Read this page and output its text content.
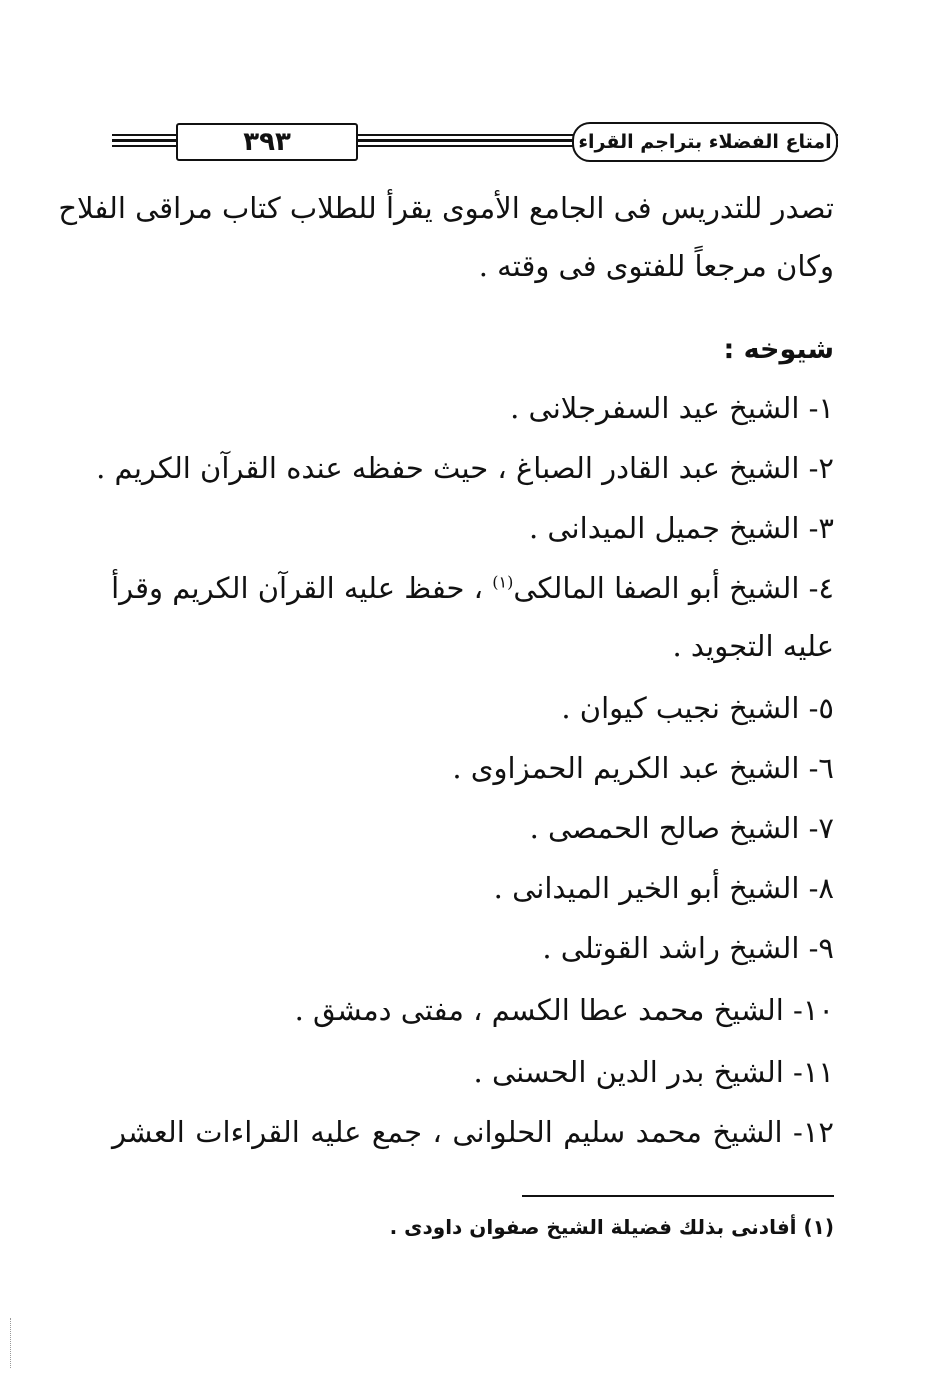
٣٩٣	امتاع الفضلاء بتراجم القراء
تصدر للتدريس فى الجامع الأموى يقرأ للطلاب كتاب مراقى الفلاح
وكان مرجعاً للفتوى فى وقته .
شيوخه :
١- الشيخ عيد السفرجلانى .
٢- الشيخ عبد القادر الصباغ ، حيث حفظه عنده القرآن الكريم .
٣- الشيخ جميل الميدانى .
٤- الشيخ أبو الصفا المالكى$^{(١)}$ ، حفظ عليه القرآن الكريم وقرأ
عليه التجويد .
٥- الشيخ نجيب كيوان .
٦- الشيخ عبد الكريم الحمزاوى .
٧- الشيخ صالح الحمصى .
٨- الشيخ أبو الخير الميدانى .
٩- الشيخ راشد القوتلى .
١٠- الشيخ محمد عطا الكسم ، مفتى دمشق .
١١- الشيخ بدر الدين الحسنى .
١٢- الشيخ محمد سليم الحلوانى ، جمع عليه القراءات العشر
(١) أفادنى بذلك فضيلة الشيخ صفوان داودى .
